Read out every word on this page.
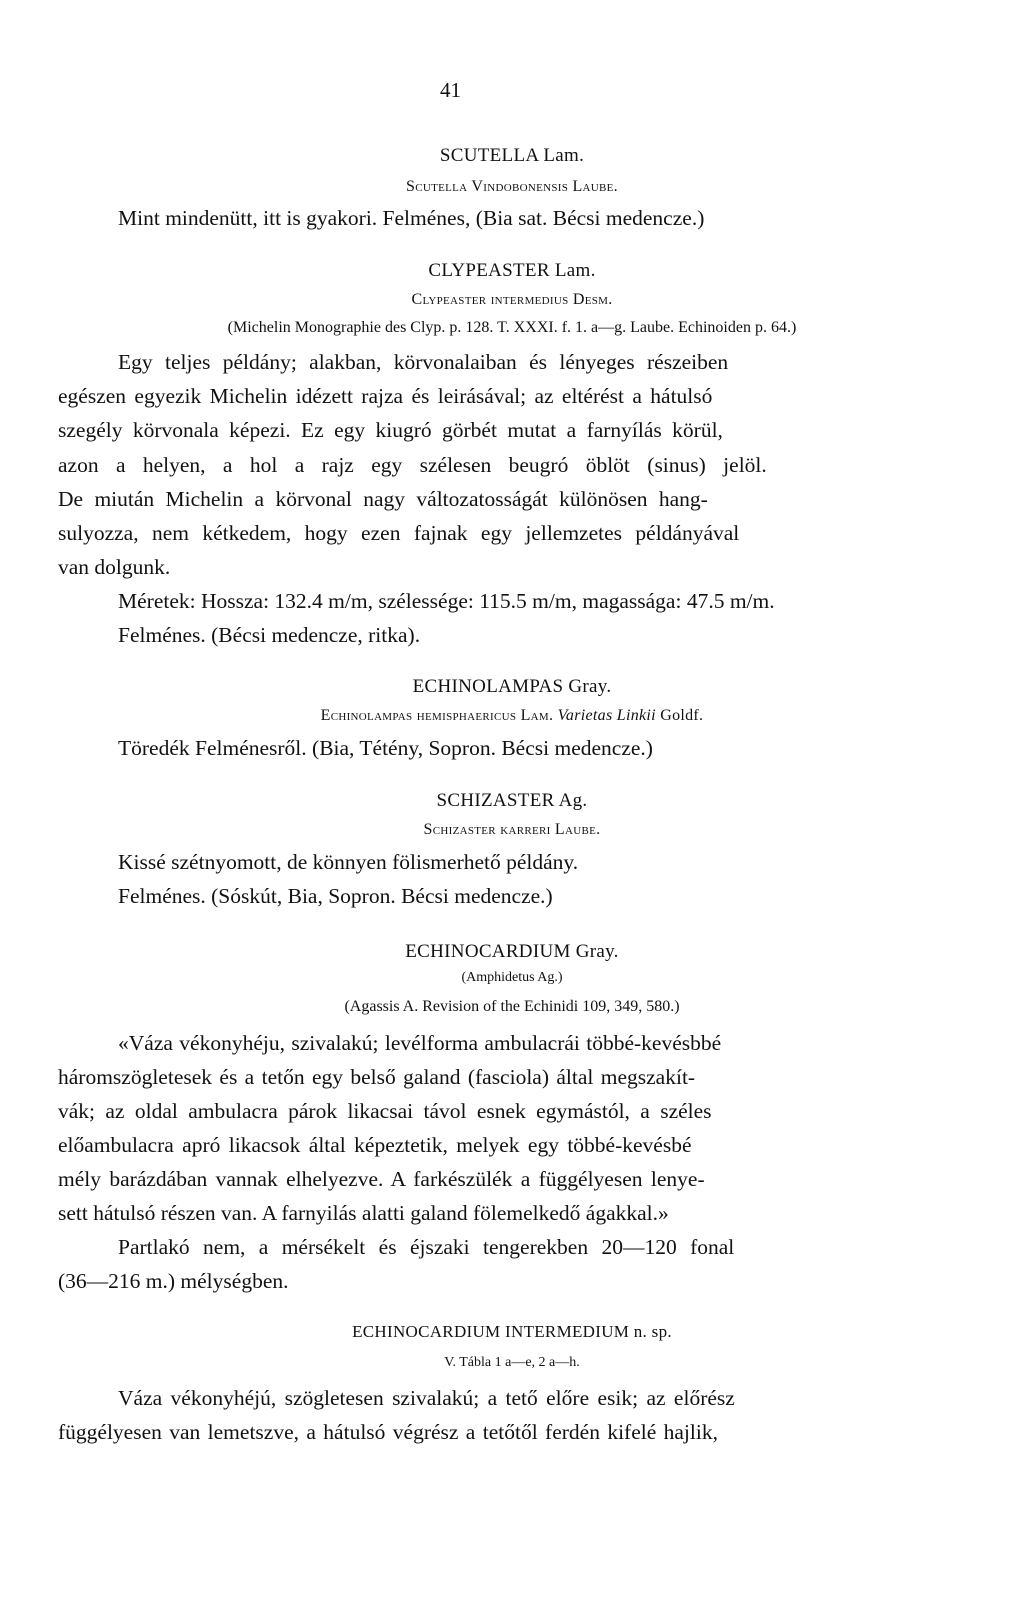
41
SCUTELLA Lam.
Scutella Vindobonensis Laube.
Mint mindenütt, itt is gyakori. Felménes, (Bia sat. Bécsi medencze.)
CLYPEASTER Lam.
Clypeaster intermedius Desm.
(Michelin Monographie des Clyp. p. 128. T. XXXI. f. 1. a—g. Laube. Echinoiden p. 64.)
Egy teljes példány; alakban, körvonalaiban és lényeges részeiben
egészen egyezik Michelin idézett rajza és leirásával; az eltérést a hátulsó
szegély körvonala képezi. Ez egy kiugró görbét mutat a farnyílás körül,
azon a helyen, a hol a rajz egy szélesen beugró öblöt (sinus) jelöl.
De miután Michelin a körvonal nagy változatosságát különösen hang-
sulyozza, nem kétkedem, hogy ezen fajnak egy jellemzetes példányával
van dolgunk.
Méretek: Hossza: 132.4 m/m, szélessége: 115.5 m/m, magassága: 47.5 m/m.
Felménes. (Bécsi medencze, ritka).
ECHINOLAMPAS Gray.
Echinolampas hemisphaericus Lam. Varietas Linkii Goldf.
Töredék Felménesről. (Bia, Tétény, Sopron. Bécsi medencze.)
SCHIZASTER Ag.
Schizaster karreri Laube.
Kissé szétnyomott, de könnyen fölismerhető példány.
Felménes. (Sóskút, Bia, Sopron. Bécsi medencze.)
ECHINOCARDIUM Gray.
(Amphidetus Ag.)
(Agassis A. Revision of the Echinidi 109, 349, 580.)
«Váza vékonyhéju, szivalakú; levélforma ambulacrái többé-kevésbbé
háromszögletesek és a tetőn egy belső galand (fasciola) által megszakít-
vák; az oldal ambulacra párok likacsai távol esnek egymástól, a széles
előambulacra apró likacsok által képeztetik, melyek egy többé-kevésbé
mély barázdában vannak elhelyezve. A farkészülék a függélyesen lenye-
sett hátulsó részen van. A farnyilás alatti galand fölemelkedő ágakkal.»
Partlakó nem, a mérsékelt és éjszaki tengerekben 20—120 fonal
(36—216 m.) mélységben.
ECHINOCARDIUM INTERMEDIUM n. sp.
V. Tábla 1 a—e, 2 a—h.
Váza vékonyhéjú, szögletesen szivalakú; a tető előre esik; az előrész
függélyesen van lemetszve, a hátulsó végrész a tetőtől ferdén kifelé hajlik,
